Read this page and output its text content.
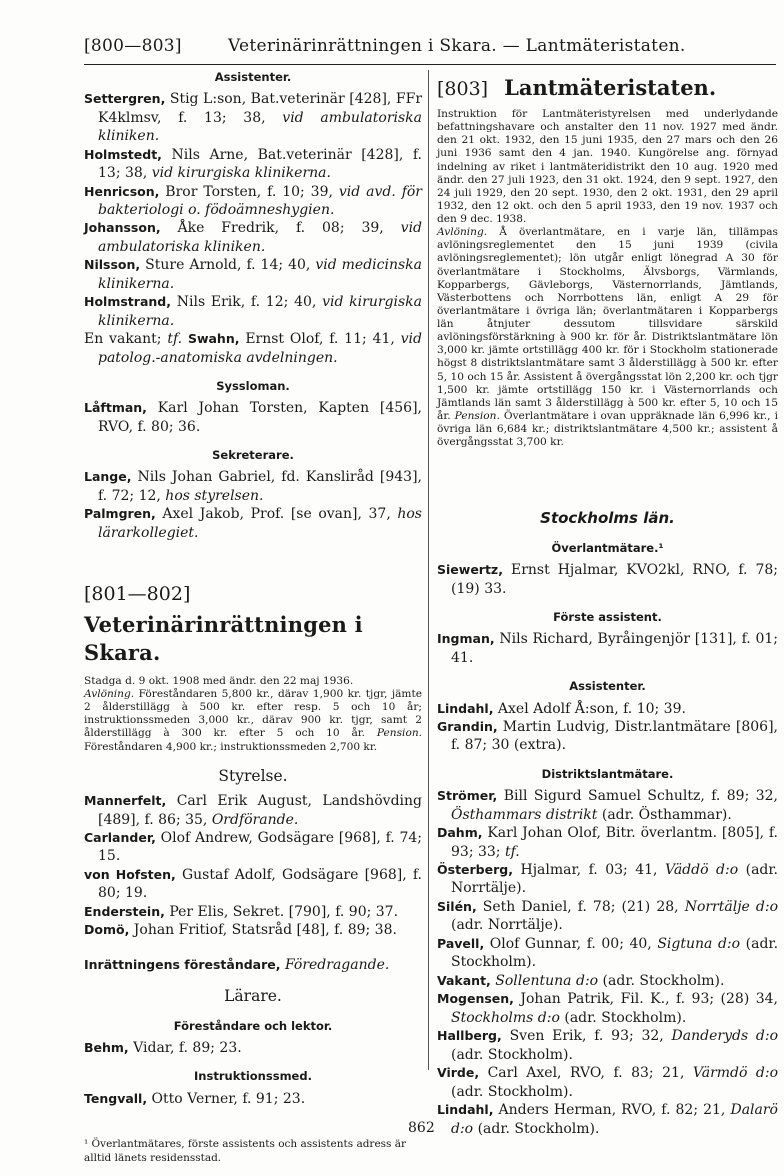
[800—803]	Veterinärinrättningen i Skara. — Lantmäteristaten.
Assistenter.

Settergren, Stig L:son, Bat.veterinär [428], FFr K4klmsv, f. 13; 38, vid ambulatoriska kliniken.

Holmstedt, Nils Arne, Bat.veterinär [428], f. 13; 38, vid kirurgiska klinikerna.

Henricson, Bror Torsten, f. 10; 39, vid avd. för bakteriologi o. födoämneshygien.

Johansson, Åke Fredrik, f. 08; 39, vid ambulatoriska kliniken.

Nilsson, Sture Arnold, f. 14; 40, vid medicinska klinikerna.

Holmstrand, Nils Erik, f. 12; 40, vid kirurgiska klinikerna.

En vakant; tf. Swahn, Ernst Olof, f. 11; 41, vid patolog.-anatomiska avdelningen.

Syssloman.

Låftman, Karl Johan Torsten, Kapten [456], RVO, f. 80; 36.

Sekreterare.

Lange, Nils Johan Gabriel, fd. Kanslіråd [943], f. 72; 12, hos styrelsen.

Palmgren, Axel Jakob, Prof. [se ovan], 37, hos lärarkollegiet.

[801—802]
Veterinärinrättningen i Skara.

Stadga d. 9 okt. 1908 med ändr. den 22 maj 1936.

Avlöning. Föreståndaren 5,800 kr., därav 1,900 kr. tjgr, jämte 2 ålderstillägg à 500 kr. efter resp. 5 och 10 år; instruktionssmeden 3,000 kr., därav 900 kr. tjgr, samt 2 ålderstillägg à 300 kr. efter 5 och 10 år. Pension. Föreståndaren 4,900 kr.; instruktionssmeden 2,700 kr.

Styrelse.

Mannerfelt, Carl Erik August, Landshövding [489], f. 86; 35, Ordförande.

Carlander, Olof Andrew, Godsägare [968], f. 74; 15.

von Hofsten, Gustaf Adolf, Godsägare [968], f. 80; 19.

Enderstein, Per Elis, Sekret. [790], f. 90; 37.

Domö, Johan Fritiof, Statsråd [48], f. 89; 38.

Inrättningens föreståndare, Föredragande.

Lärare.
Föreståndare och lektor.

Behm, Vidar, f. 89; 23.

Instruktionssmed.

Tengvall, Otto Verner, f. 91; 23.

¹ Överlantmätares, förste assistents och assistents adress är alltid länets residensstad.

[803] Lantmäteristaten.

Instruktion för Lantmäteristyrelsen med underlydande befattningshavare och anstalter den 11 nov. 1927 med ändr. den 21 okt. 1932, den 15 juni 1935, den 27 mars och den 26 juni 1936 samt den 4 jan. 1940. Kungörelse ang. förnyad indelning av riket i lantmäteridistrikt den 10 aug. 1920 med ändr. den 27 juli 1923, den 31 okt. 1924, den 9 sept. 1927, den 24 juli 1929, den 20 sept. 1930, den 2 okt. 1931, den 29 april 1932, den 12 okt. och den 5 april 1933, den 19 nov. 1937 och den 9 dec. 1938.

Avlöning. Å överlantmätare, en i varje län, tillämpas avlöningsreglementet den 15 juni 1939 (civila avlöningsreglementet); lön utgår enligt lönegrad A 30 för överlantmätare i Stockholms, Älvsborgs, Värmlands, Kopparbergs, Gävleborgs, Västernorrlands, Jämtlands, Västerbottens och Norrbottens län, enligt A 29 för överlantmätare i övriga län; överlantmätaren i Kopparbergs län åtnjuter dessutom tillsvidare särskild avlöningsförstärkning à 900 kr. för år. Distriktslantmätare lön 3,000 kr. jämte ortstillägg 400 kr. för i Stockholm stationerade högst 8 distriktslantmätare samt 3 ålderstillägg à 500 kr. efter 5, 10 och 15 år. Assistent å övergångsstat lön 2,200 kr. och tjgr 1,500 kr. jämte ortstillägg 150 kr. i Västernorrlands och Jämtlands län samt 3 ålderstillägg à 500 kr. efter 5, 10 och 15 år. Pension. Överlantmätare i ovan uppräknade län 6,996 kr., i övriga län 6,684 kr.; distriktslantmätare 4,500 kr.; assistent å övergångsstat 3,700 kr.

Stockholms län.
Överlantmätare.¹

Siewertz, Ernst Hjalmar, KVO2kl, RNO, f. 78; (19) 33.

Förste assistent.

Ingman, Nils Richard, Byråingenjör [131], f. 01; 41.

Assistenter.

Lindahl, Axel Adolf Å:son, f. 10; 39.

Grandin, Martin Ludvig, Distr.lantmätare [806], f. 87; 30 (extra).

Distriktslantmätare.

Strömer, Bill Sigurd Samuel Schultz, f. 89; 32, Östhammars distrikt (adr. Östhammar).

Dahm, Karl Johan Olof, Bitr. överlantm. [805], f. 93; 33; tf.

Österberg, Hjalmar, f. 03; 41, Väddö d:o (adr. Norrtälje).

Silén, Seth Daniel, f. 78; (21) 28, Norrtälje d:o (adr. Norrtälje).

Pavell, Olof Gunnar, f. 00; 40, Sigtuna d:o (adr. Stockholm).

Vakant, Sollentuna d:o (adr. Stockholm).

Mogensen, Johan Patrik, Fil. K., f. 93; (28) 34, Stockholms d:o (adr. Stockholm).

Hallberg, Sven Erik, f. 93; 32, Danderyds d:o (adr. Stockholm).

Virde, Carl Axel, RVO, f. 83; 21, Värmdö d:o (adr. Stockholm).

Lindahl, Anders Herman, RVO, f. 82; 21, Dalarö d:o (adr. Stockholm).

862
